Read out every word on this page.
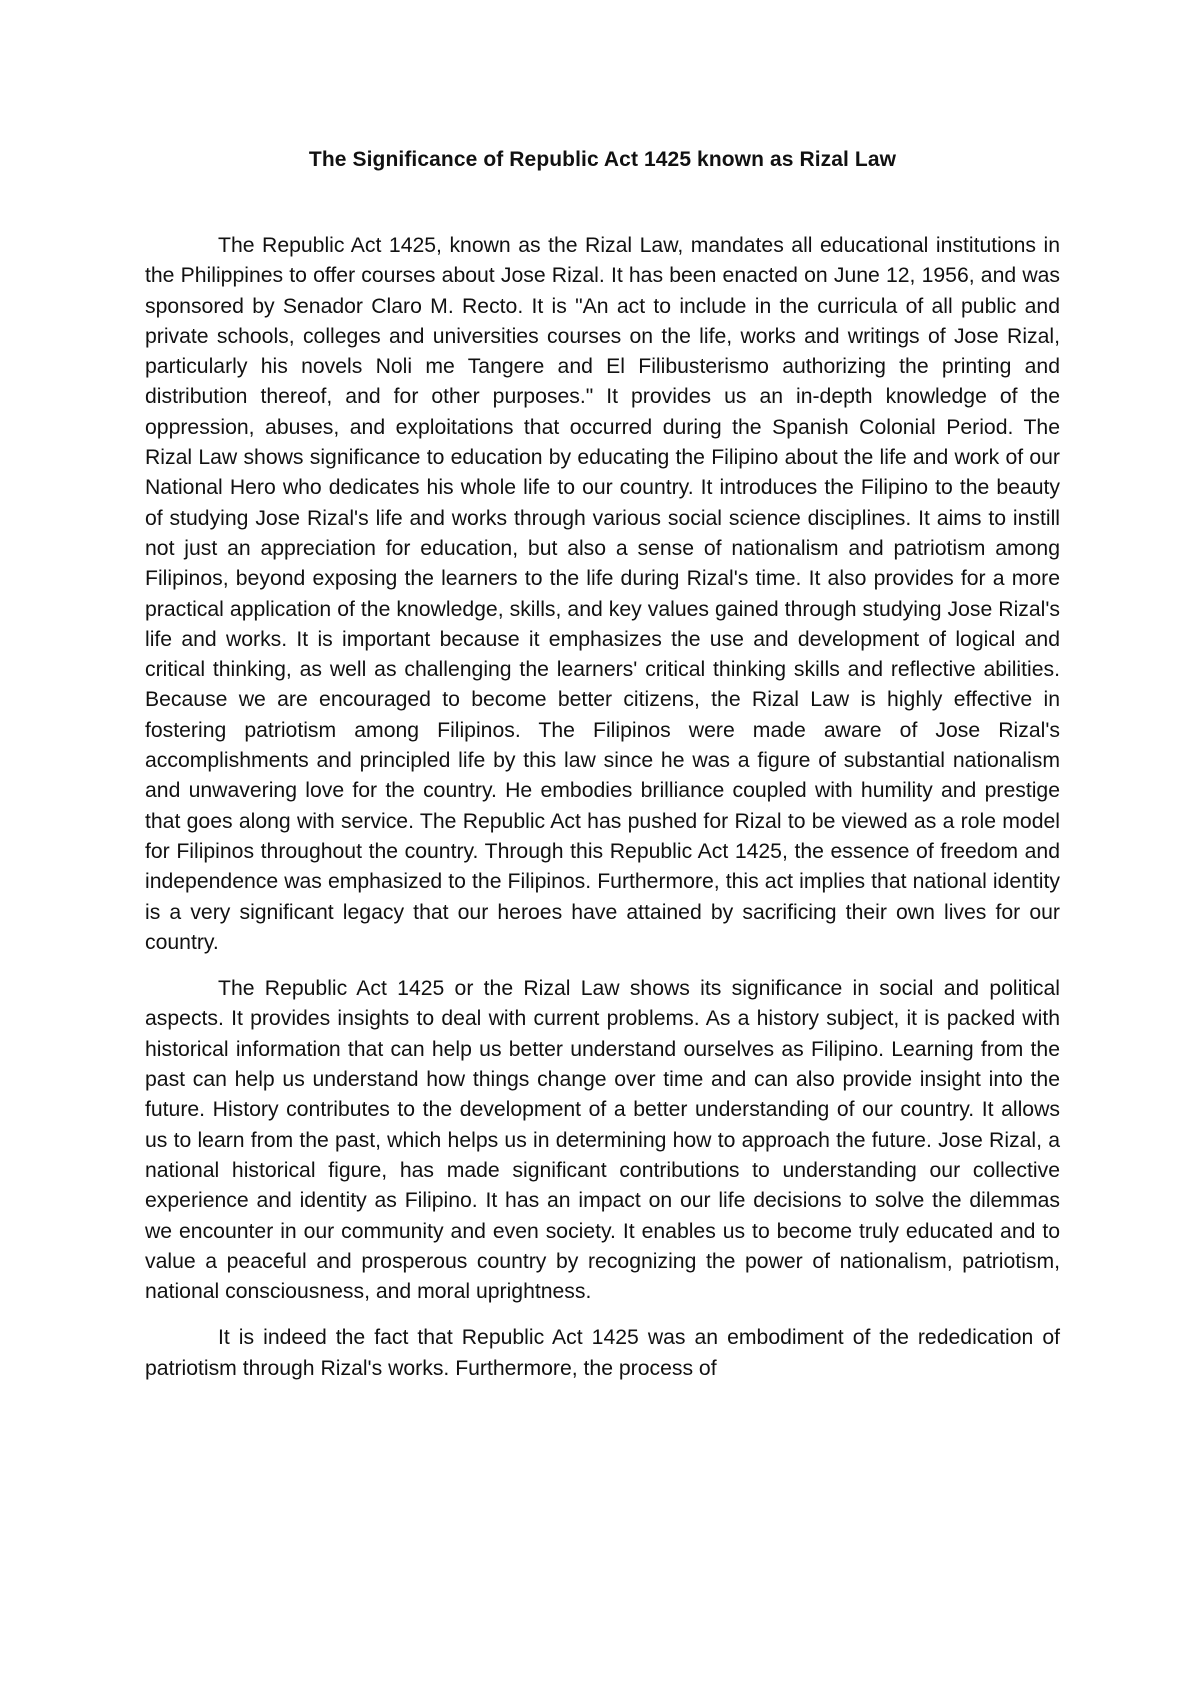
The Significance of Republic Act 1425 known as Rizal Law

The Republic Act 1425, known as the Rizal Law, mandates all educational institutions in the Philippines to offer courses about Jose Rizal. It has been enacted on June 12, 1956, and was sponsored by Senador Claro M. Recto. It is "An act to include in the curricula of all public and private schools, colleges and universities courses on the life, works and writings of Jose Rizal, particularly his novels Noli me Tangere and El Filibusterismo authorizing the printing and distribution thereof, and for other purposes." It provides us an in-depth knowledge of the oppression, abuses, and exploitations that occurred during the Spanish Colonial Period. The Rizal Law shows significance to education by educating the Filipino about the life and work of our National Hero who dedicates his whole life to our country. It introduces the Filipino to the beauty of studying Jose Rizal's life and works through various social science disciplines. It aims to instill not just an appreciation for education, but also a sense of nationalism and patriotism among Filipinos, beyond exposing the learners to the life during Rizal's time. It also provides for a more practical application of the knowledge, skills, and key values gained through studying Jose Rizal's life and works. It is important because it emphasizes the use and development of logical and critical thinking, as well as challenging the learners' critical thinking skills and reflective abilities. Because we are encouraged to become better citizens, the Rizal Law is highly effective in fostering patriotism among Filipinos. The Filipinos were made aware of Jose Rizal's accomplishments and principled life by this law since he was a figure of substantial nationalism and unwavering love for the country. He embodies brilliance coupled with humility and prestige that goes along with service. The Republic Act has pushed for Rizal to be viewed as a role model for Filipinos throughout the country. Through this Republic Act 1425, the essence of freedom and independence was emphasized to the Filipinos. Furthermore, this act implies that national identity is a very significant legacy that our heroes have attained by sacrificing their own lives for our country.

The Republic Act 1425 or the Rizal Law shows its significance in social and political aspects. It provides insights to deal with current problems. As a history subject, it is packed with historical information that can help us better understand ourselves as Filipino. Learning from the past can help us understand how things change over time and can also provide insight into the future. History contributes to the development of a better understanding of our country. It allows us to learn from the past, which helps us in determining how to approach the future. Jose Rizal, a national historical figure, has made significant contributions to understanding our collective experience and identity as Filipino. It has an impact on our life decisions to solve the dilemmas we encounter in our community and even society. It enables us to become truly educated and to value a peaceful and prosperous country by recognizing the power of nationalism, patriotism, national consciousness, and moral uprightness.

It is indeed the fact that Republic Act 1425 was an embodiment of the rededication of patriotism through Rizal's works. Furthermore, the process of
